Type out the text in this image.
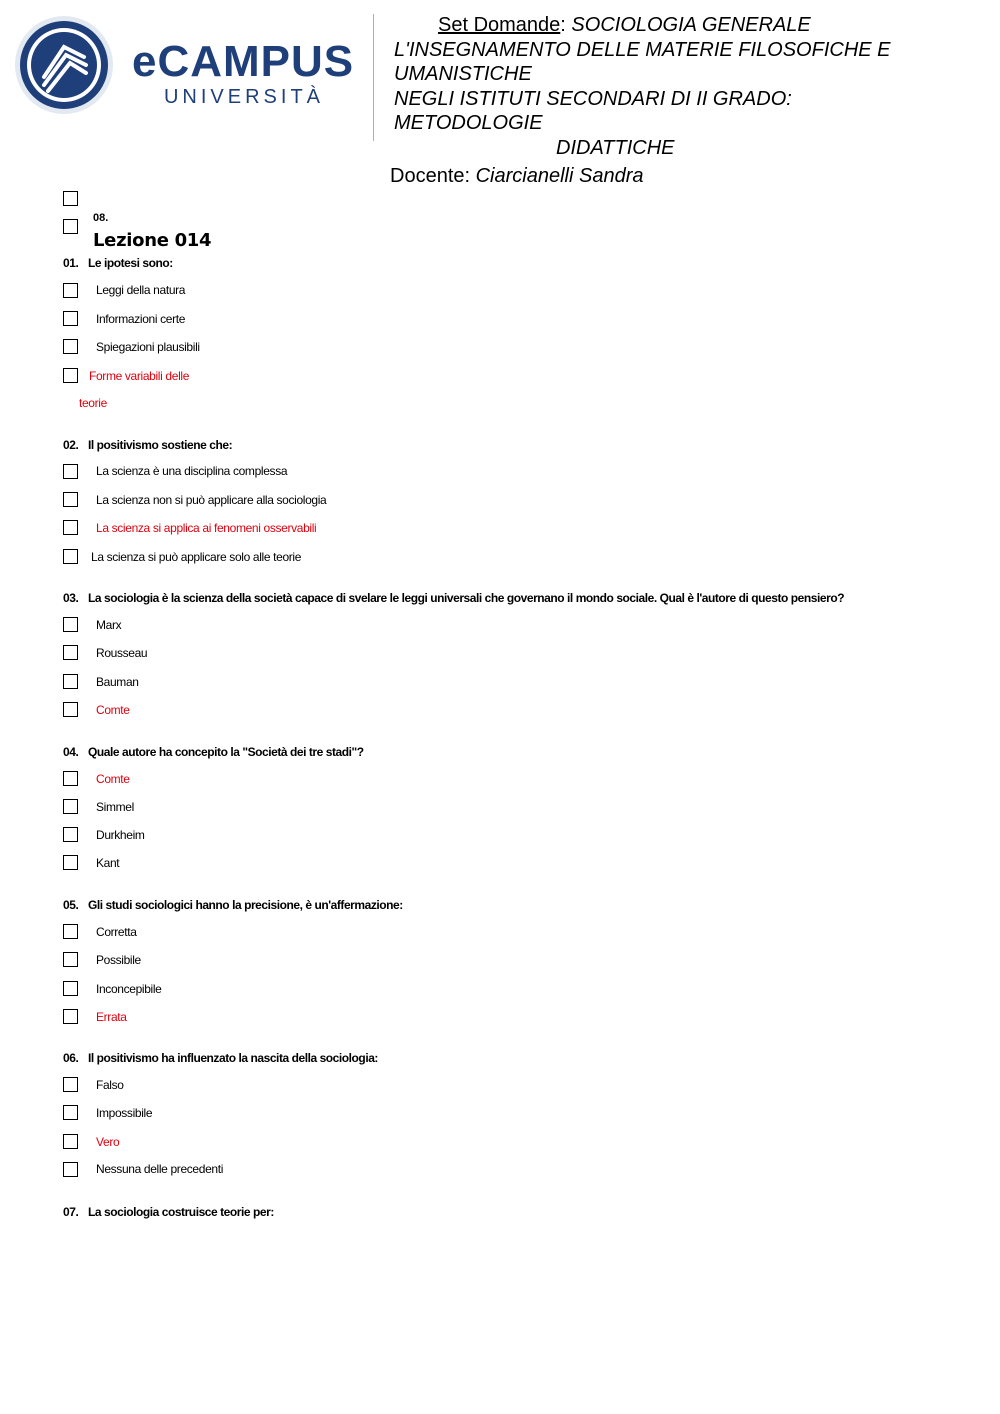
eCAMPUS
UNIVERSITÀ
Set Domande: SOCIOLOGIA GENERALE
L'INSEGNAMENTO DELLE MATERIE FILOSOFICHE E
UMANISTICHE
NEGLI ISTITUTI SECONDARI DI II GRADO:
METODOLOGIE
DIDATTICHE
Docente: Ciarcianelli Sandra
08.
Lezione 014
01. Le ipotesi sono:
Leggi della natura
Informazioni certe
Spiegazioni plausibili
Forme variabili delle
teorie
02. Il positivismo sostiene che:
La scienza è una disciplina complessa
La scienza non si può applicare alla sociologia
La scienza si applica ai fenomeni osservabili
La scienza si può applicare solo alle teorie
03. La sociologia è la scienza della società capace di svelare le leggi universali che governano il mondo sociale. Qual è l'autore di questo pensiero?
Marx
Rousseau
Bauman
Comte
04. Quale autore ha concepito la "Società dei tre stadi"?
Comte
Simmel
Durkheim
Kant
05. Gli studi sociologici hanno la precisione, è un'affermazione:
Corretta
Possibile
Inconcepibile
Errata
06. Il positivismo ha influenzato la nascita della sociologia:
Falso
Impossibile
Vero
Nessuna delle precedenti
07. La sociologia costruisce teorie per:
